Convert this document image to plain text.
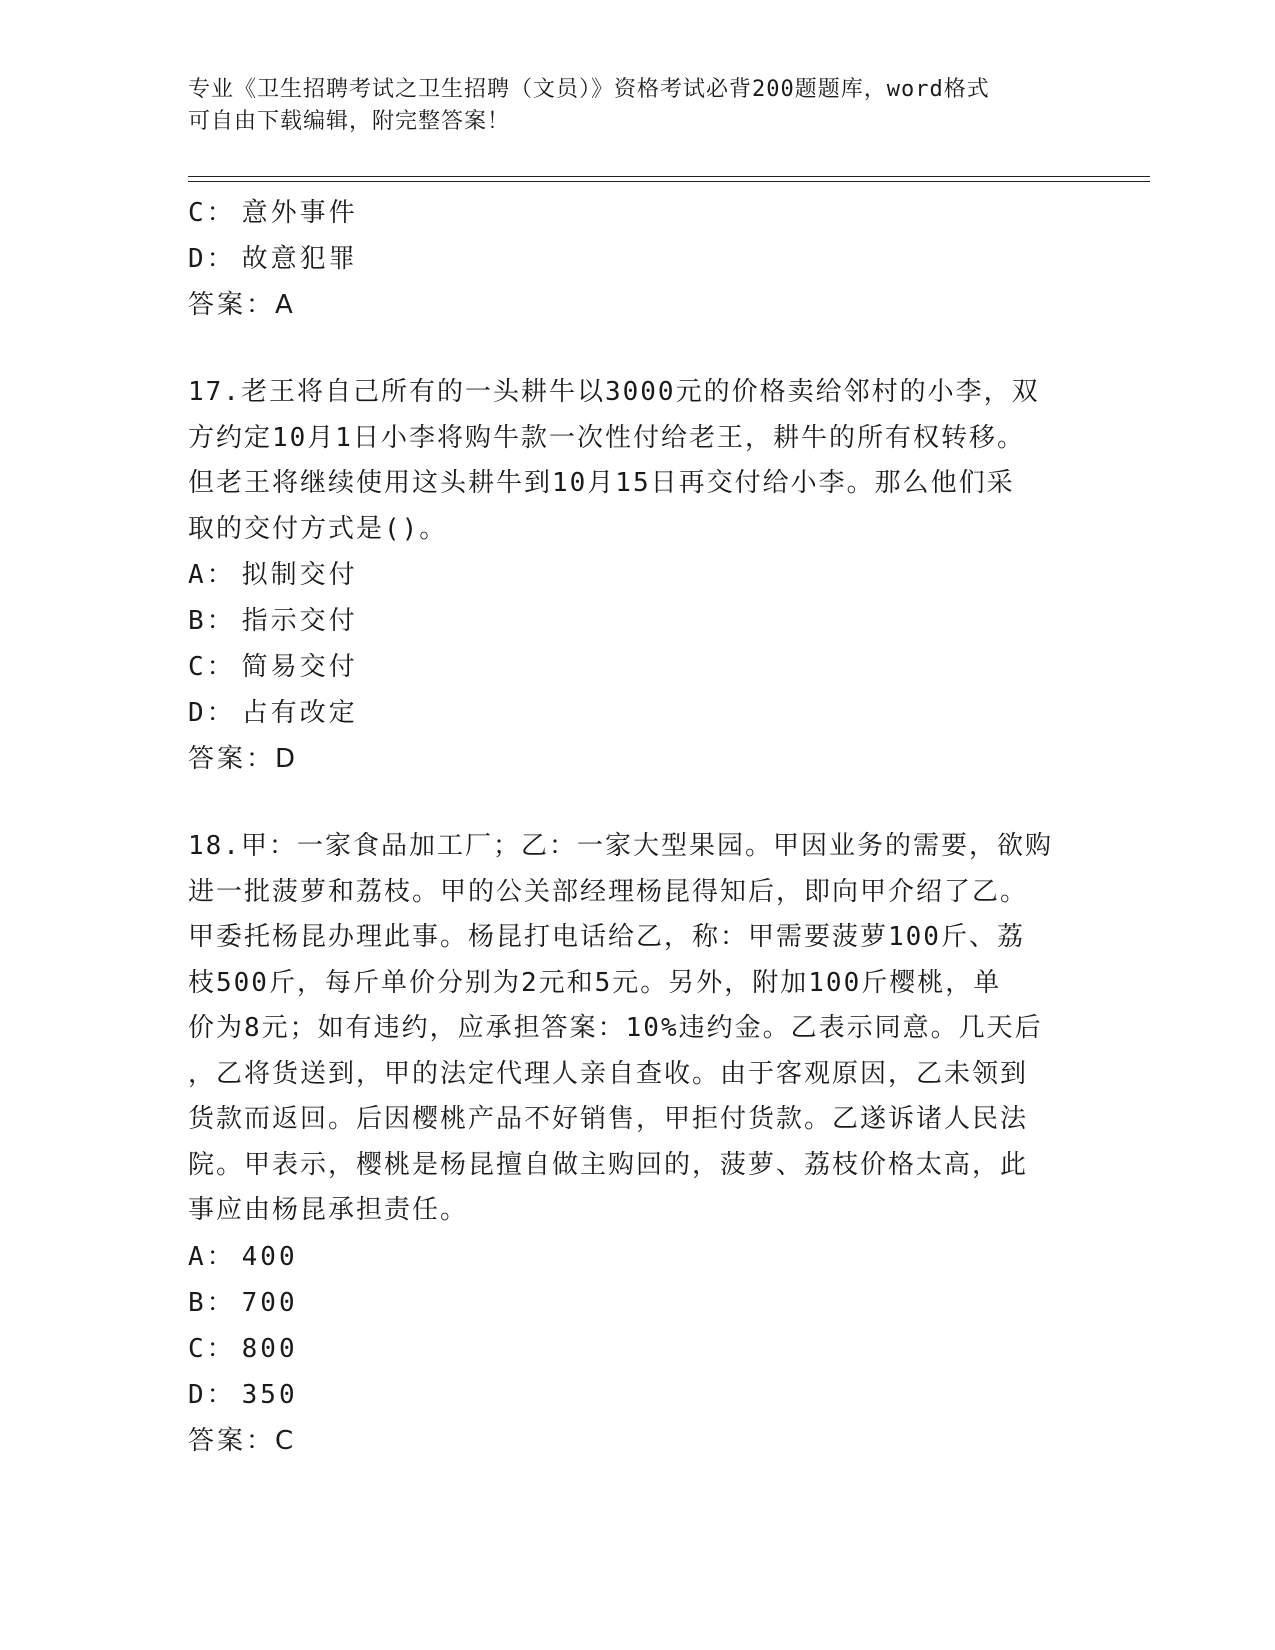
专业《卫生招聘考试之卫生招聘（文员）》资格考试必背200题题库，word格式
可自由下载编辑，附完整答案！
C： 意外事件
D： 故意犯罪
答案：A
17.老王将自己所有的一头耕牛以3000元的价格卖给邻村的小李，双
方约定10月1日小李将购牛款一次性付给老王，耕牛的所有权转移。
但老王将继续使用这头耕牛到10月15日再交付给小李。那么他们采
取的交付方式是()。
A： 拟制交付
B： 指示交付
C： 简易交付
D： 占有改定
答案：D
18.甲：一家食品加工厂；乙：一家大型果园。甲因业务的需要，欲购
进一批菠萝和荔枝。甲的公关部经理杨昆得知后，即向甲介绍了乙。
甲委托杨昆办理此事。杨昆打电话给乙，称：甲需要菠萝100斤、荔
枝500斤，每斤单价分别为2元和5元。另外，附加100斤樱桃，单
价为8元；如有违约，应承担答案：10%违约金。乙表示同意。几天后
，乙将货送到，甲的法定代理人亲自查收。由于客观原因，乙未领到
货款而返回。后因樱桃产品不好销售，甲拒付货款。乙遂诉诸人民法
院。甲表示，樱桃是杨昆擅自做主购回的，菠萝、荔枝价格太高，此
事应由杨昆承担责任。
A： 400
B： 700
C： 800
D： 350
答案：C
